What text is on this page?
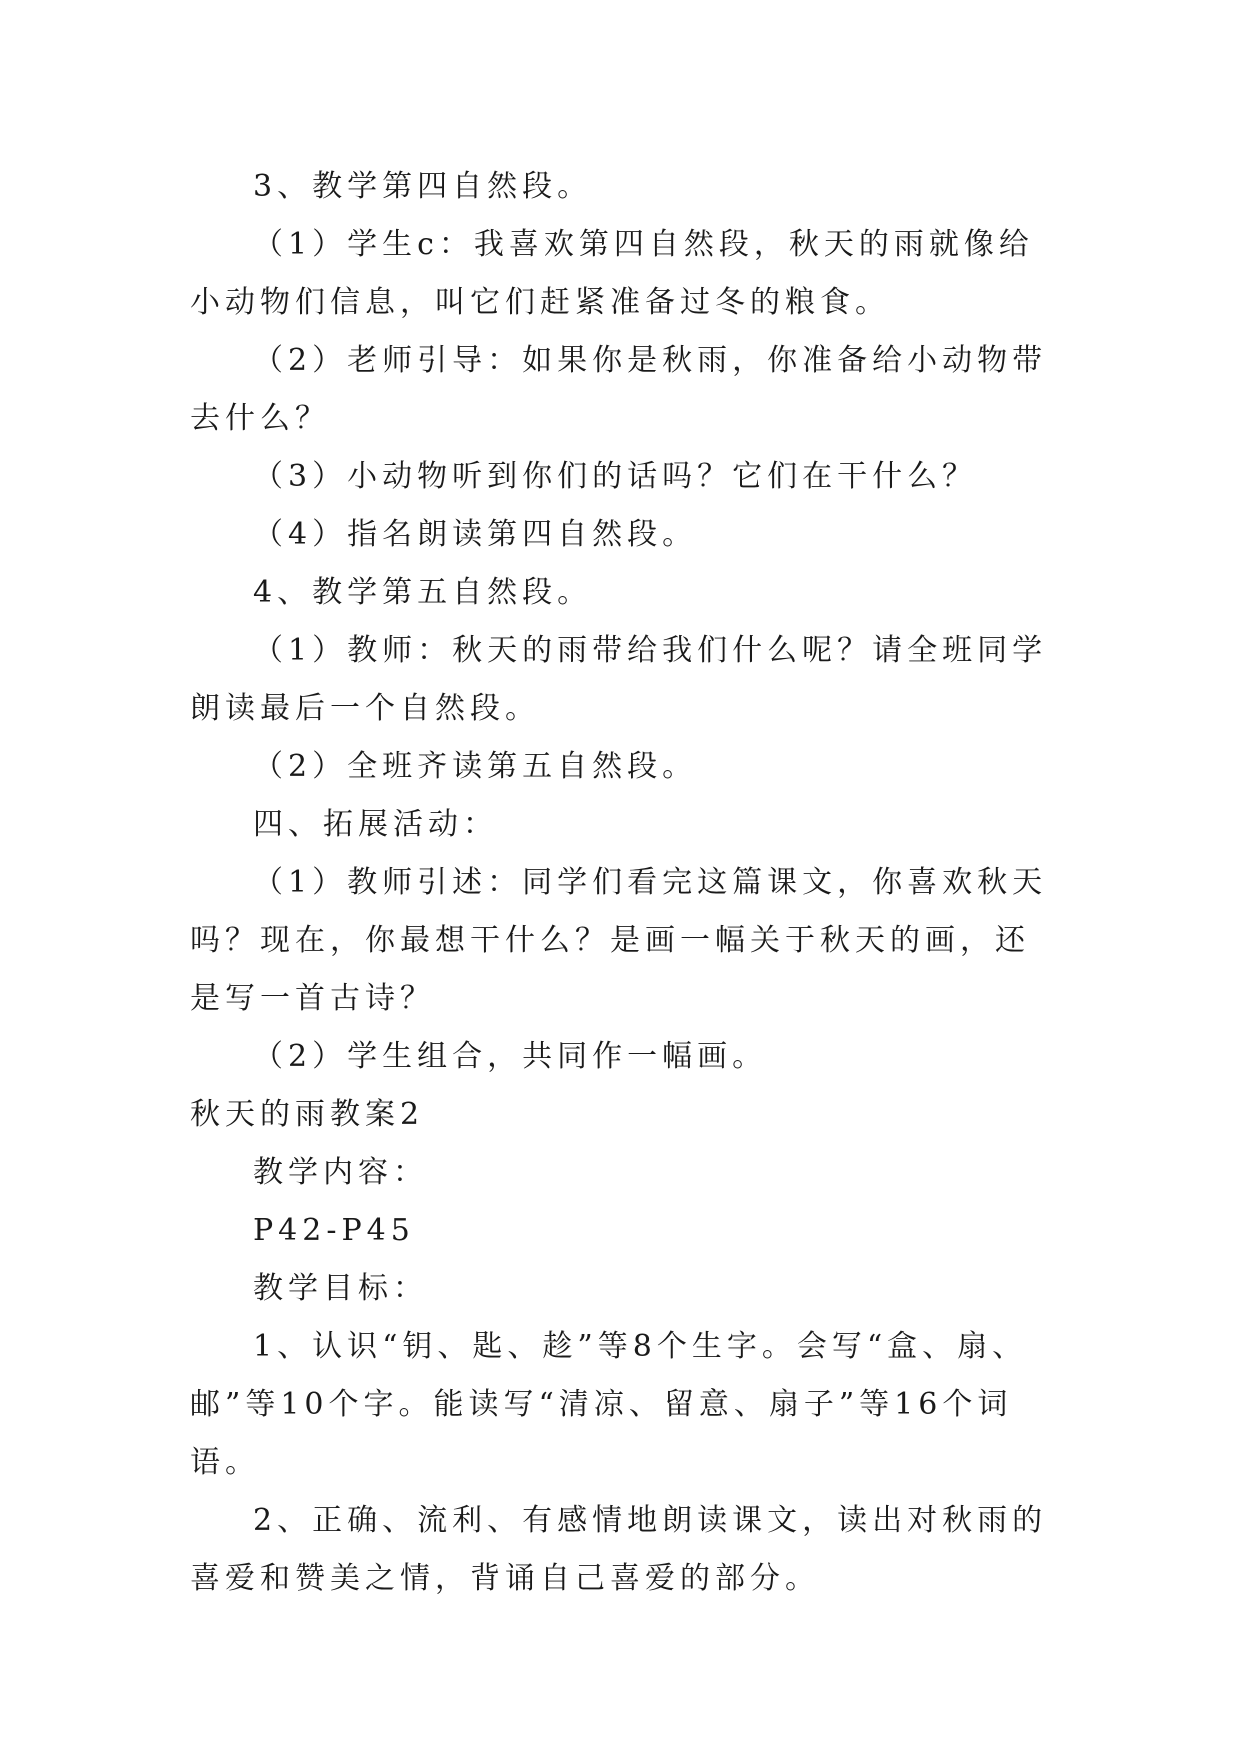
3、教学第四自然段。

（1）学生c：我喜欢第四自然段，秋天的雨就像给小动物们信息，叫它们赶紧准备过冬的粮食。

（2）老师引导：如果你是秋雨，你准备给小动物带去什么？

（3）小动物听到你们的话吗？它们在干什么？

（4）指名朗读第四自然段。

4、教学第五自然段。

（1）教师：秋天的雨带给我们什么呢？请全班同学朗读最后一个自然段。

（2）全班齐读第五自然段。

四、拓展活动：

（1）教师引述：同学们看完这篇课文，你喜欢秋天吗？现在，你最想干什么？是画一幅关于秋天的画，还是写一首古诗？

（2）学生组合，共同作一幅画。

秋天的雨教案2

教学内容：

P42-P45

教学目标：

1、认识“钥、匙、趁”等8个生字。会写“盒、扇、邮”等10个字。能读写“清凉、留意、扇子”等16个词语。

2、正确、流利、有感情地朗读课文，读出对秋雨的喜爱和赞美之情，背诵自己喜爱的部分。
